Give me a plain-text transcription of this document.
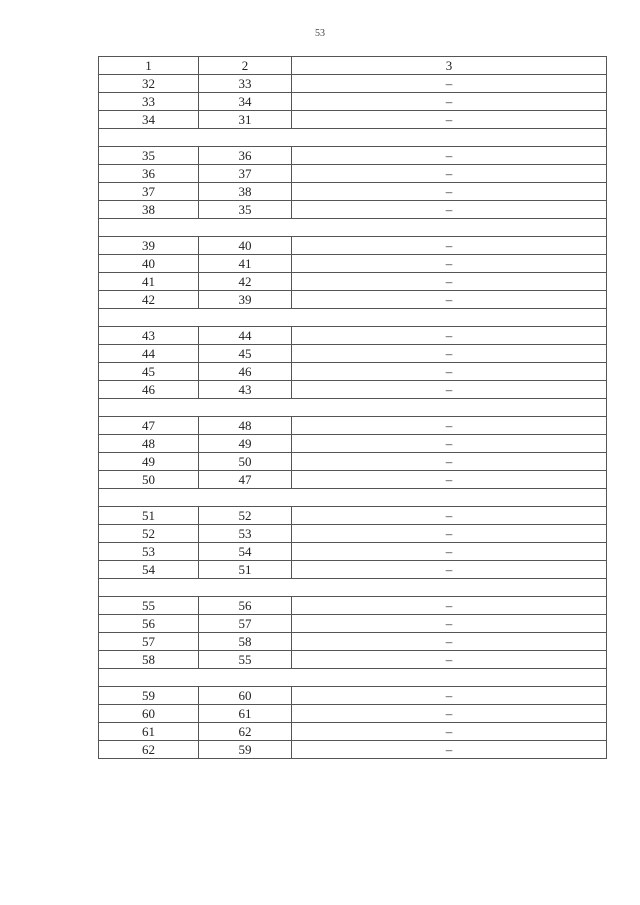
53
1	2	3
32	33	–
33	34	–
34	31	–

35	36	–
36	37	–
37	38	–
38	35	–

39	40	–
40	41	–
41	42	–
42	39	–

43	44	–
44	45	–
45	46	–
46	43	–

47	48	–
48	49	–
49	50	–
50	47	–

51	52	–
52	53	–
53	54	–
54	51	–

55	56	–
56	57	–
57	58	–
58	55	–

59	60	–
60	61	–
61	62	–
62	59	–
